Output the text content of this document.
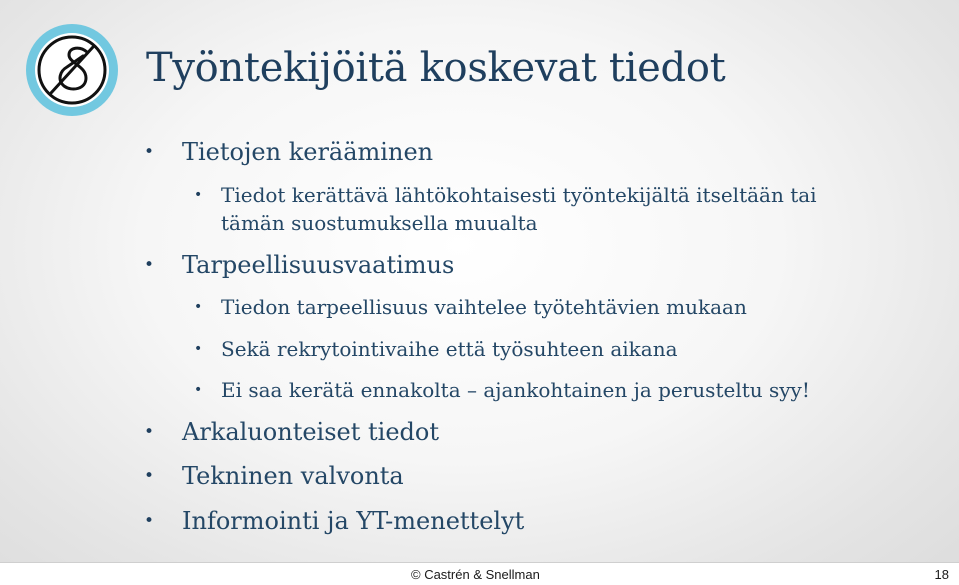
Työntekijöitä koskevat tiedot
• Tietojen kerääminen
• Tiedot kerättävä lähtökohtaisesti työntekijältä itseltään tai
tämän suostumuksella muualta
• Tarpeellisuusvaatimus
• Tiedon tarpeellisuus vaihtelee työtehtävien mukaan
• Sekä rekrytointivaihe että työsuhteen aikana
• Ei saa kerätä ennakolta – ajankohtainen ja perusteltu syy!
• Arkaluonteiset tiedot
• Tekninen valvonta
• Informointi ja YT-menettelyt
© Castrén & Snellman	18
